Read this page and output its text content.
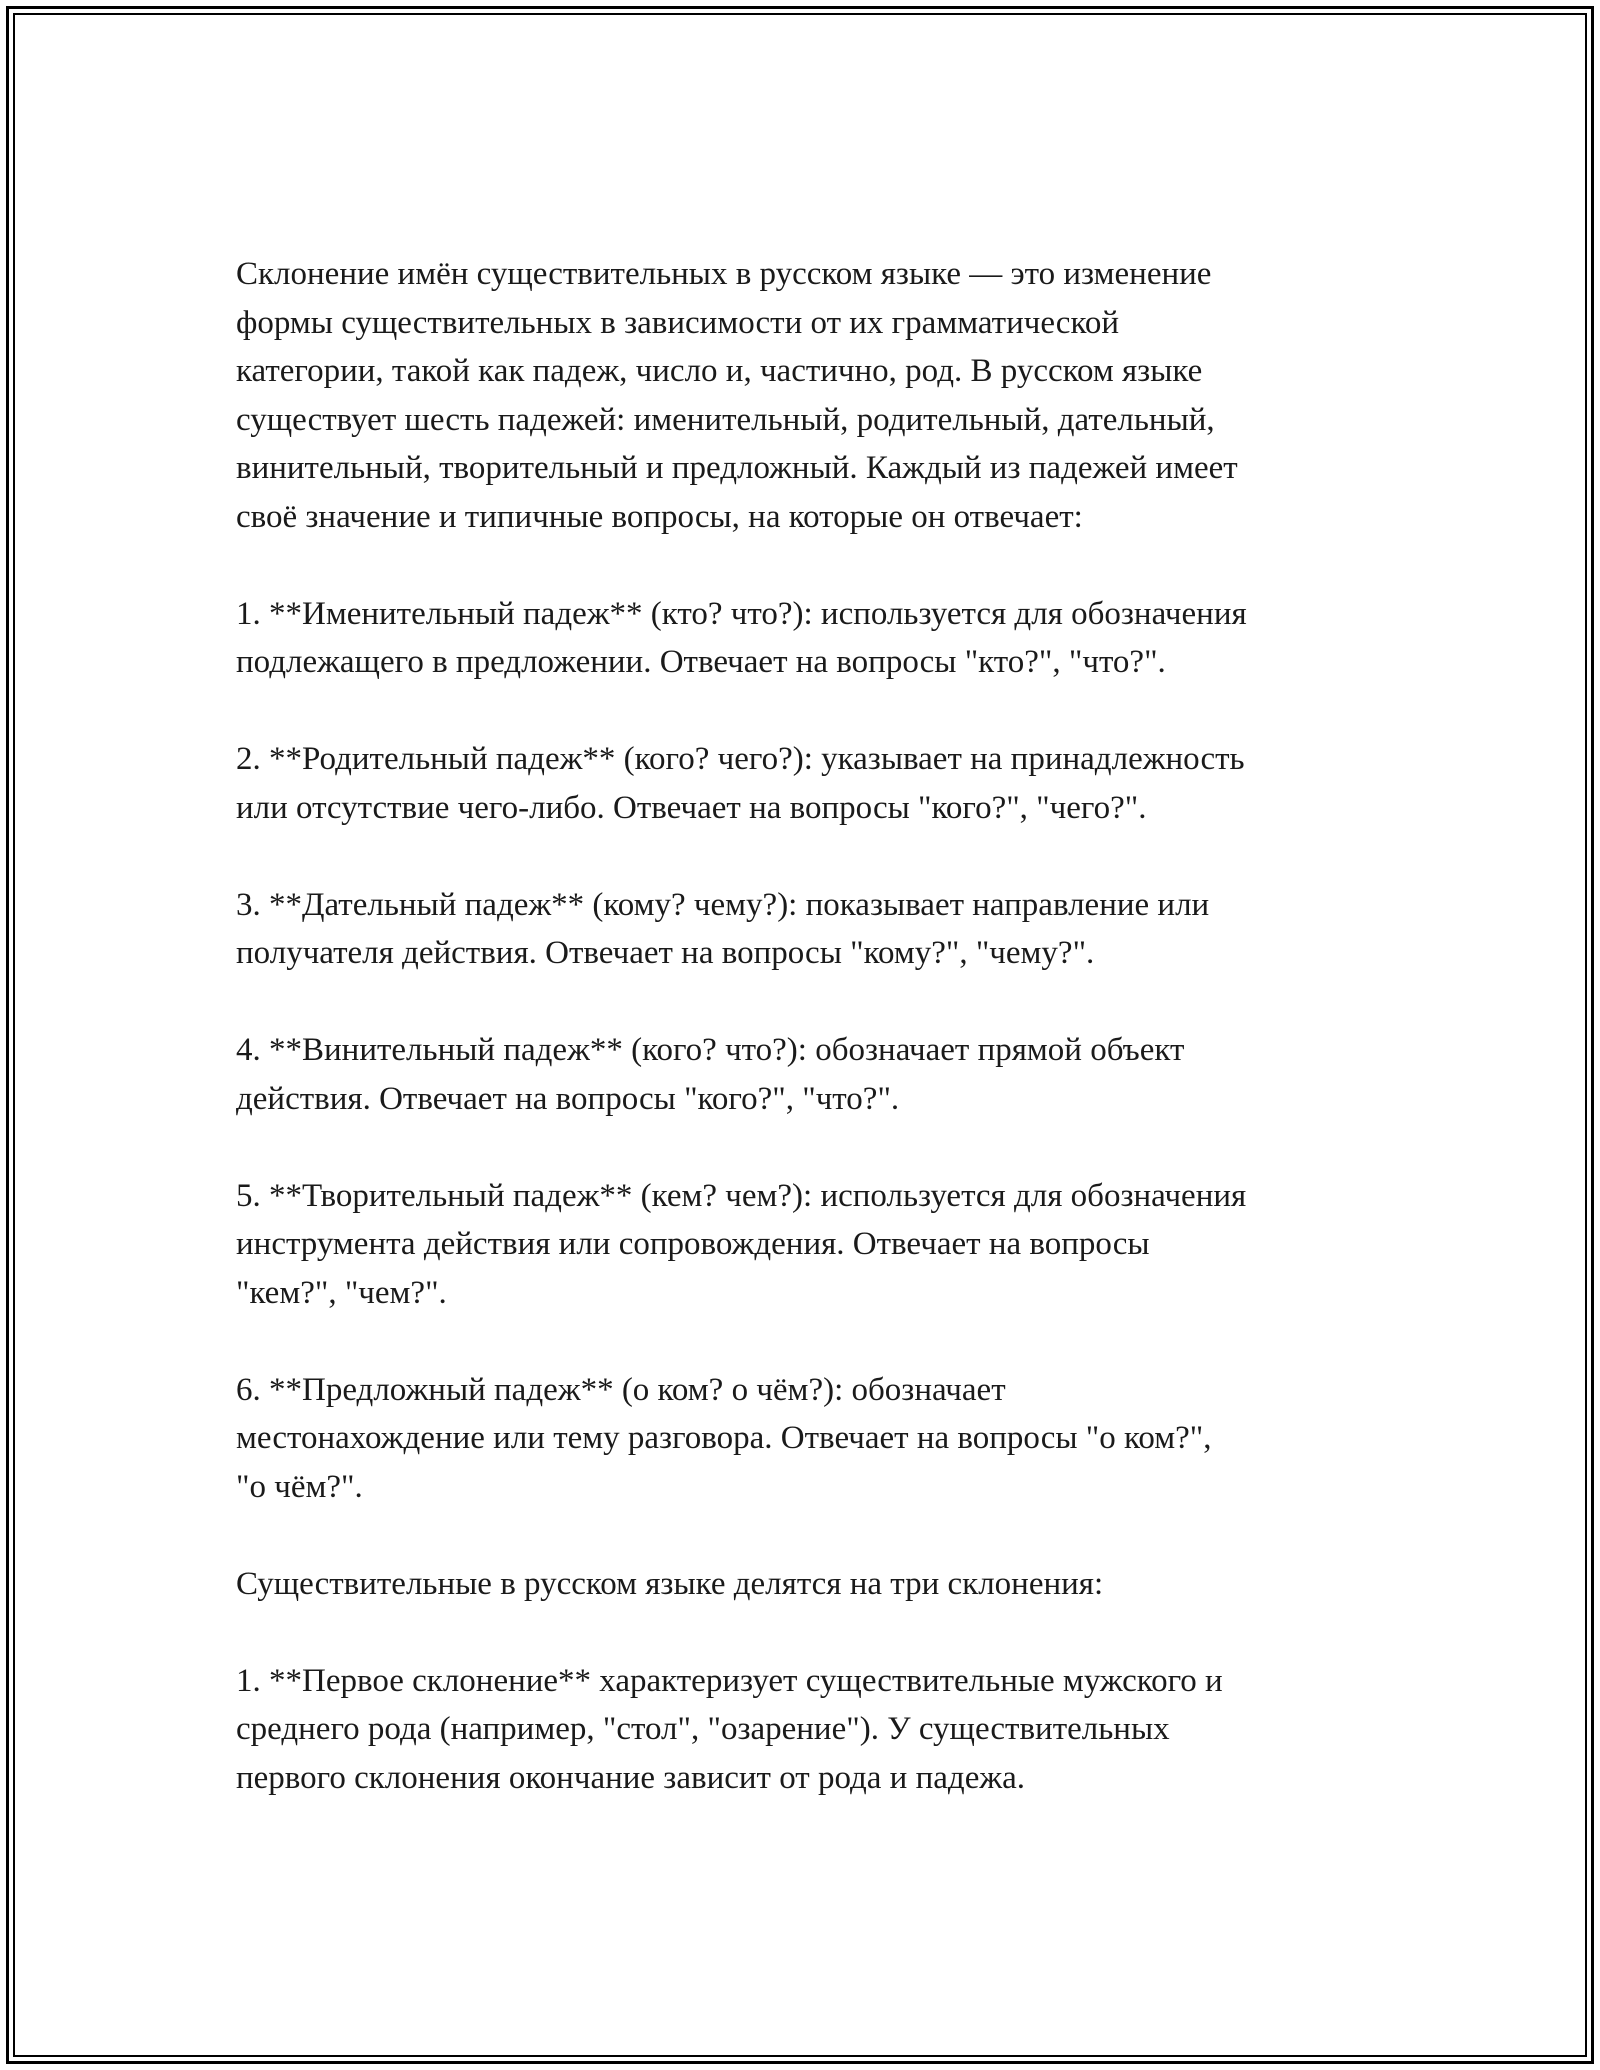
Склонение имён существительных в русском языке — это изменение
формы существительных в зависимости от их грамматической
категории, такой как падеж, число и, частично, род. В русском языке
существует шесть падежей: именительный, родительный, дательный,
винительный, творительный и предложный. Каждый из падежей имеет
своё значение и типичные вопросы, на которые он отвечает:

1. **Именительный падеж** (кто? что?): используется для обозначения
подлежащего в предложении. Отвечает на вопросы "кто?", "что?".

2. **Родительный падеж** (кого? чего?): указывает на принадлежность
или отсутствие чего-либо. Отвечает на вопросы "кого?", "чего?".

3. **Дательный падеж** (кому? чему?): показывает направление или
получателя действия. Отвечает на вопросы "кому?", "чему?".

4. **Винительный падеж** (кого? что?): обозначает прямой объект
действия. Отвечает на вопросы "кого?", "что?".

5. **Творительный падеж** (кем? чем?): используется для обозначения
инструмента действия или сопровождения. Отвечает на вопросы
"кем?", "чем?".

6. **Предложный падеж** (о ком? о чём?): обозначает
местонахождение или тему разговора. Отвечает на вопросы "о ком?",
"о чём?".

Существительные в русском языке делятся на три склонения:

1. **Первое склонение** характеризует существительные мужского и
среднего рода (например, "стол", "озарение"). У существительных
первого склонения окончание зависит от рода и падежа.
